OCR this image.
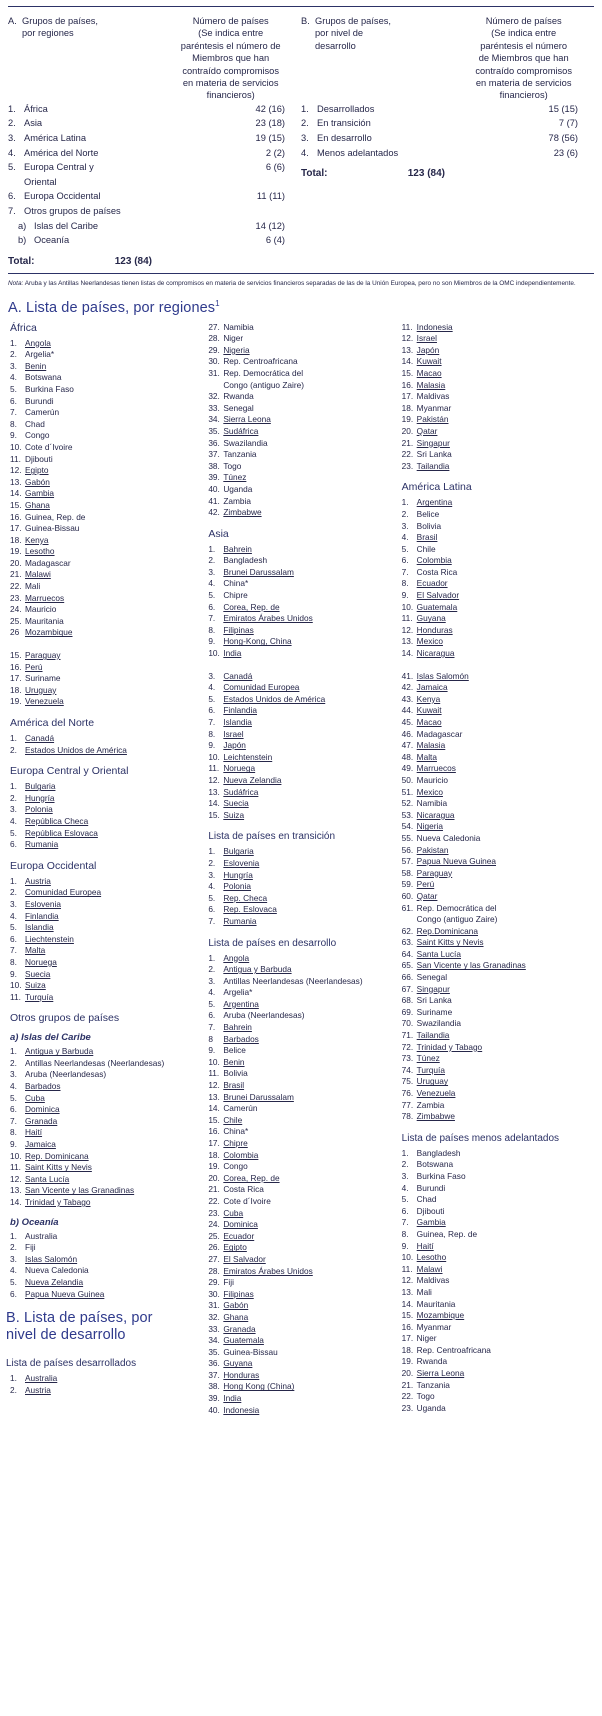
A. Grupos de países,
por regiones
Número de países
(Se indica entre
paréntesis el número de
Miembros que han
contraído compromisos
en materia de servicios
financieros)
B. Grupos de países,
por nivel de
desarrollo
Número de países
(Se indica entre
paréntesis el número
de Miembros que han
contraído compromisos
en materia de servicios
financieros)
1. África	42 (16)
2. Asia	23 (18)
3. América Latina	19 (15)
4. América del Norte	2 (2)
5. Europa Central y
Oriental
6 (6)
6. Europa Occidental	11 (11)
7. Otros grupos de países
a) Islas del Caribe	14 (12)
b) Oceanía	6 (4)
Total:	123 (84)
1. Desarrollados	15 (15)
2. En transición	7 (7)
3. En desarrollo	78 (56)
4. Menos adelantados	23 (6)
Total:	123 (84)
Nota: Aruba y las Antillas Neerlandesas tienen listas de compromisos en materia de servicios financieros separadas de las de la Unión Europea, pero no son Miembros de la OMC independientemente.
A. Lista de países, por regiones$^1$
África
1. Angola
2. Argelia*
3. Benin
4. Botswana
5. Burkina Faso
6. Burundi
7. Camerún
8. Chad
9. Congo
10. Cote d´Ivoire
11. Djibouti
12. Egipto
13. Gabón
14. Gambia
15. Ghana
16. Guinea, Rep. de
17. Guinea-Bissau
18. Kenya
19. Lesotho
20. Madagascar
21. Malawi
22. Mali
23. Marruecos
24. Mauricio
25. Mauritania
26 Mozambique
15. Paraguay
16. Perú
17. Suriname
18. Uruguay
19. Venezuela
América del Norte
1. Canadá
2. Estados Unidos de América
Europa Central y Oriental
1. Bulgaria
2. Hungría
3. Polonia
4. República Checa
5. República Eslovaca
6. Rumania
Europa Occidental
1. Austria
2. Comunidad Europea
3. Eslovenia
4. Finlandia
5. Islandia
6. Liechtenstein
7. Malta
8. Noruega
9. Suecia
10. Suiza
11. Turquía
Otros grupos de países
a) Islas del Caribe
1. Antigua y Barbuda
2. Antillas Neerlandesas (Neerlandesas)
3. Aruba (Neerlandesas)
4. Barbados
5. Cuba
6. Dominica
7. Granada
8. Haití
9. Jamaica
10. Rep. Dominicana
11. Saint Kitts y Nevis
12. Santa Lucía
13. San Vicente y las Granadinas
14. Trinidad y Tabago
b) Oceanía
1. Australia
2. Fiji
3. Islas Salomón
4. Nueva Caledonia
5. Nueva Zelandia
6. Papua Nueva Guinea
B. Lista de países, por
nivel de desarrollo
Lista de países desarrollados
1. Australia
2. Austria
27. Namibia
28. Niger
29. Nigeria
30. Rep. Centroafricana
31. Rep. Democrática del
Congo (antiguo Zaire)
32. Rwanda
33. Senegal
34. Sierra Leona
35. Sudáfrica
36. Swazilandia
37. Tanzania
38. Togo
39. Túnez
40. Uganda
41. Zambia
42. Zimbabwe
Asia
1. Bahrein
2. Bangladesh
3. Brunei Darussalam
4. China*
5. Chipre
6. Corea, Rep. de
7. Emiratos Árabes Unidos
8. Filipinas
9. Hong-Kong, China
10. India
3. Canadá
4. Comunidad Europea
5. Estados Unidos de América
6. Finlandia
7. Islandia
8. Israel
9. Japón
10. Leichtenstein
11. Noruega
12. Nueva Zelandia
13. Sudáfrica
14. Suecia
15. Suiza
Lista de países en transición
1. Bulgaria
2. Eslovenia
3. Hungría
4. Polonia
5. Rep. Checa
6. Rep. Eslovaca
7. Rumania
Lista de países en desarrollo
1. Angola
2. Antigua y Barbuda
3. Antillas Neerlandesas (Neerlandesas)
4. Argelia*
5. Argentina
6. Aruba (Neerlandesas)
7. Bahrein
8	Barbados
9. Belice
10. Benin
11. Bolivia
12. Brasil
13. Brunei Darussalam
14. Camerún
15. Chile
16. China*
17. Chipre
18. Colombia
19. Congo
20. Corea, Rep. de
21. Costa Rica
22. Cote d´Ivoire
23. Cuba
24. Dominica
25. Ecuador
26. Egipto
27. El Salvador
28. Emiratos Árabes Unidos
29. Fiji
30. Filipinas
31. Gabón
32. Ghana
33. Granada
34. Guatemala
35. Guinea-Bissau
36. Guyana
37. Honduras
38. Hong Kong (China)
39. India
40. Indonesia
11. Indonesia
12. Israel
13. Japón
14. Kuwait
15. Macao
16. Malasia
17. Maldivas
18. Myanmar
19. Pakistán
20. Qatar
21. Singapur
22. Sri Lanka
23. Tailandia
América Latina
1. Argentina
2. Belice
3. Bolivia
4. Brasil
5. Chile
6. Colombia
7. Costa Rica
8. Ecuador
9. El Salvador
10. Guatemala
11. Guyana
12. Honduras
13. Mexico
14. Nicaragua
41. Islas Salomón
42. Jamaica
43. Kenya
44. Kuwait
45. Macao
46. Madagascar
47. Malasia
48. Malta
49. Marruecos
50. Mauricio
51. Mexico
52. Namibia
53. Nicaragua
54. Nigeria
55. Nueva Caledonia
56. Pakistan
57. Papua Nueva Guinea
58. Paraguay
59. Perú
60. Qatar
61. Rep. Democrática del
Congo (antiguo Zaire)
62. Rep.Dominicana
63. Saint Kitts y Nevis
64. Santa Lucía
65. San Vicente y las Granadinas
66. Senegal
67. Singapur
68. Sri Lanka
69. Suriname
70. Swazilandia
71. Tailandia
72. Trinidad y Tabago
73. Túnez
74. Turquía
75. Uruguay
76. Venezuela
77. Zambia
78. Zimbabwe
Lista de países menos adelantados
1. Bangladesh
2. Botswana
3. Burkina Faso
4. Burundi
5. Chad
6. Djibouti
7. Gambia
8. Guinea, Rep. de
9. Haití
10. Lesotho
11. Malawi
12. Maldivas
13. Mali
14. Mauritania
15. Mozambique
16. Myanmar
17. Niger
18. Rep. Centroafricana
19. Rwanda
20. Sierra Leona
21. Tanzania
22. Togo
23. Uganda
